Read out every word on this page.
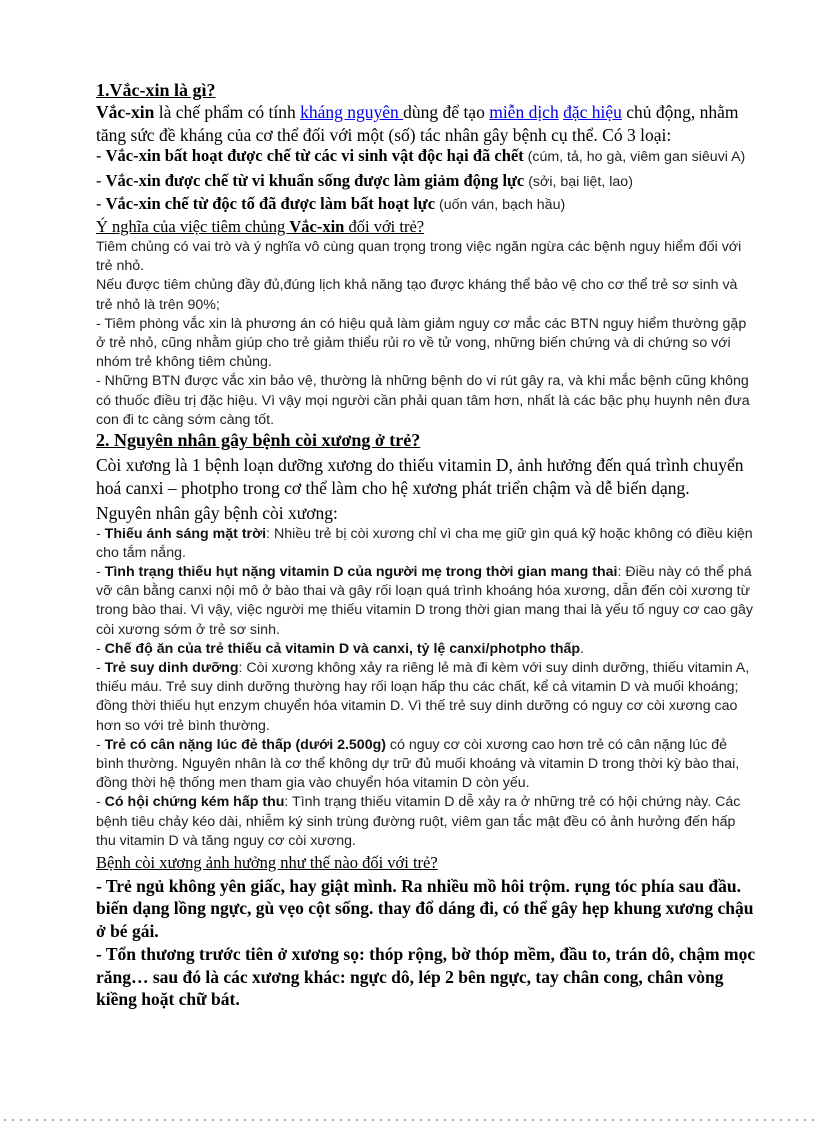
1.Vắc-xin là gì?

Vắc-xin là chế phẩm có tính kháng nguyên dùng để tạo miễn dịch đặc hiệu chủ động, nhằm tăng sức đề kháng của cơ thể đối với một (số) tác nhân gây bệnh cụ thể. Có 3 loại:

- Vắc-xin bất hoạt được chế từ các vi sinh vật độc hại đã chết (cúm, tả, ho gà, viêm gan siêuvi A)

- Vắc-xin được chế từ vi khuẩn sống được làm giảm động lực (sởi, bại liệt, lao)

- Vắc-xin chế từ độc tố đã được làm bất hoạt lực (uốn ván, bạch hầu)

Ý nghĩa của việc tiêm chủng Vắc-xin đối với trẻ?

Tiêm chủng có vai trò và ý nghĩa vô cùng quan trọng trong việc ngăn ngừa các bệnh nguy hiểm đối với trẻ nhỏ.

Nếu được tiêm chủng đầy đủ,đúng lịch khả năng tạo được kháng thể bảo vệ cho cơ thể trẻ sơ sinh và trẻ nhỏ là trên 90%;

- Tiêm phòng vắc xin là phương án có hiệu quả làm giảm nguy cơ mắc các BTN nguy hiểm thường gặp ở trẻ nhỏ, cũng nhằm giúp cho trẻ giảm thiểu rủi ro về tử vong, những biến chứng và di chứng so với nhóm trẻ không tiêm chủng.

- Những BTN được vắc xin bảo vệ, thường là những bệnh do vi rút gây ra, và khi mắc bệnh cũng không có thuốc điều trị đặc hiệu. Vì vậy mọi người cần phải quan tâm hơn, nhất là các bậc phụ huynh nên đưa con đi tc càng sớm càng tốt.

2. Nguyên nhân gây bệnh còi xương ở trẻ?

Còi xương là 1 bệnh loạn dưỡng xương do thiếu vitamin D, ảnh hưởng đến quá trình chuyển hoá canxi – photpho trong cơ thể làm cho hệ xương phát triển chậm và dễ biến dạng.

Nguyên nhân gây bệnh còi xương:

- Thiếu ánh sáng mặt trời: Nhiều trẻ bị còi xương chỉ vì cha mẹ giữ gìn quá kỹ hoặc không có điều kiện cho tắm nắng.

- Tình trạng thiếu hụt nặng vitamin D của người mẹ trong thời gian mang thai: Điều này có thể phá vỡ cân bằng canxi nội mô ở bào thai và gây rối loạn quá trình khoáng hóa xương, dẫn đến còi xương từ trong bào thai. Vì vậy, việc người mẹ thiếu vitamin D trong thời gian mang thai là yếu tố nguy cơ cao gây còi xương sớm ở trẻ sơ sinh.

- Chế độ ăn của trẻ thiếu cả vitamin D và canxi, tỷ lệ canxi/photpho thấp.

- Trẻ suy dinh dưỡng: Còi xương không xảy ra riêng lẻ mà đi kèm với suy dinh dưỡng, thiếu vitamin A, thiếu máu. Trẻ suy dinh dưỡng thường hay rối loạn hấp thu các chất, kể cả vitamin D và muối khoáng; đồng thời thiếu hụt enzym chuyển hóa vitamin D. Vì thế trẻ suy dinh dưỡng có nguy cơ còi xương cao hơn so với trẻ bình thường.

- Trẻ có cân nặng lúc đẻ thấp (dưới 2.500g) có nguy cơ còi xương cao hơn trẻ có cân nặng lúc đẻ bình thường. Nguyên nhân là cơ thể không dự trữ đủ muối khoáng và vitamin D trong thời kỳ bào thai, đồng thời hệ thống men tham gia vào chuyển hóa vitamin D còn yếu.

- Có hội chứng kém hấp thu: Tình trạng thiếu vitamin D dễ xảy ra ở những trẻ có hội chứng này. Các bệnh tiêu chảy kéo dài, nhiễm ký sinh trùng đường ruột, viêm gan tắc mật đều có ảnh hưởng đến hấp thu vitamin D và tăng nguy cơ còi xương.

Bệnh còi xương ảnh hưởng như thế nào đối với trẻ?

- Trẻ ngủ không yên giấc, hay giật mình. Ra nhiều mồ hôi trộm. rụng tóc phía sau đầu. biến dạng lồng ngực, gù vẹo cột sống. thay đổ dáng đi, có thể gây hẹp khung xương chậu ở bé gái.

- Tổn thương trước tiên ở xương sọ: thóp rộng, bờ thóp mềm, đầu to, trán dô, chậm mọc răng… sau đó là các xương khác: ngực dô, lép 2 bên ngực, tay chân cong, chân vòng kiềng hoặt chữ bát.
